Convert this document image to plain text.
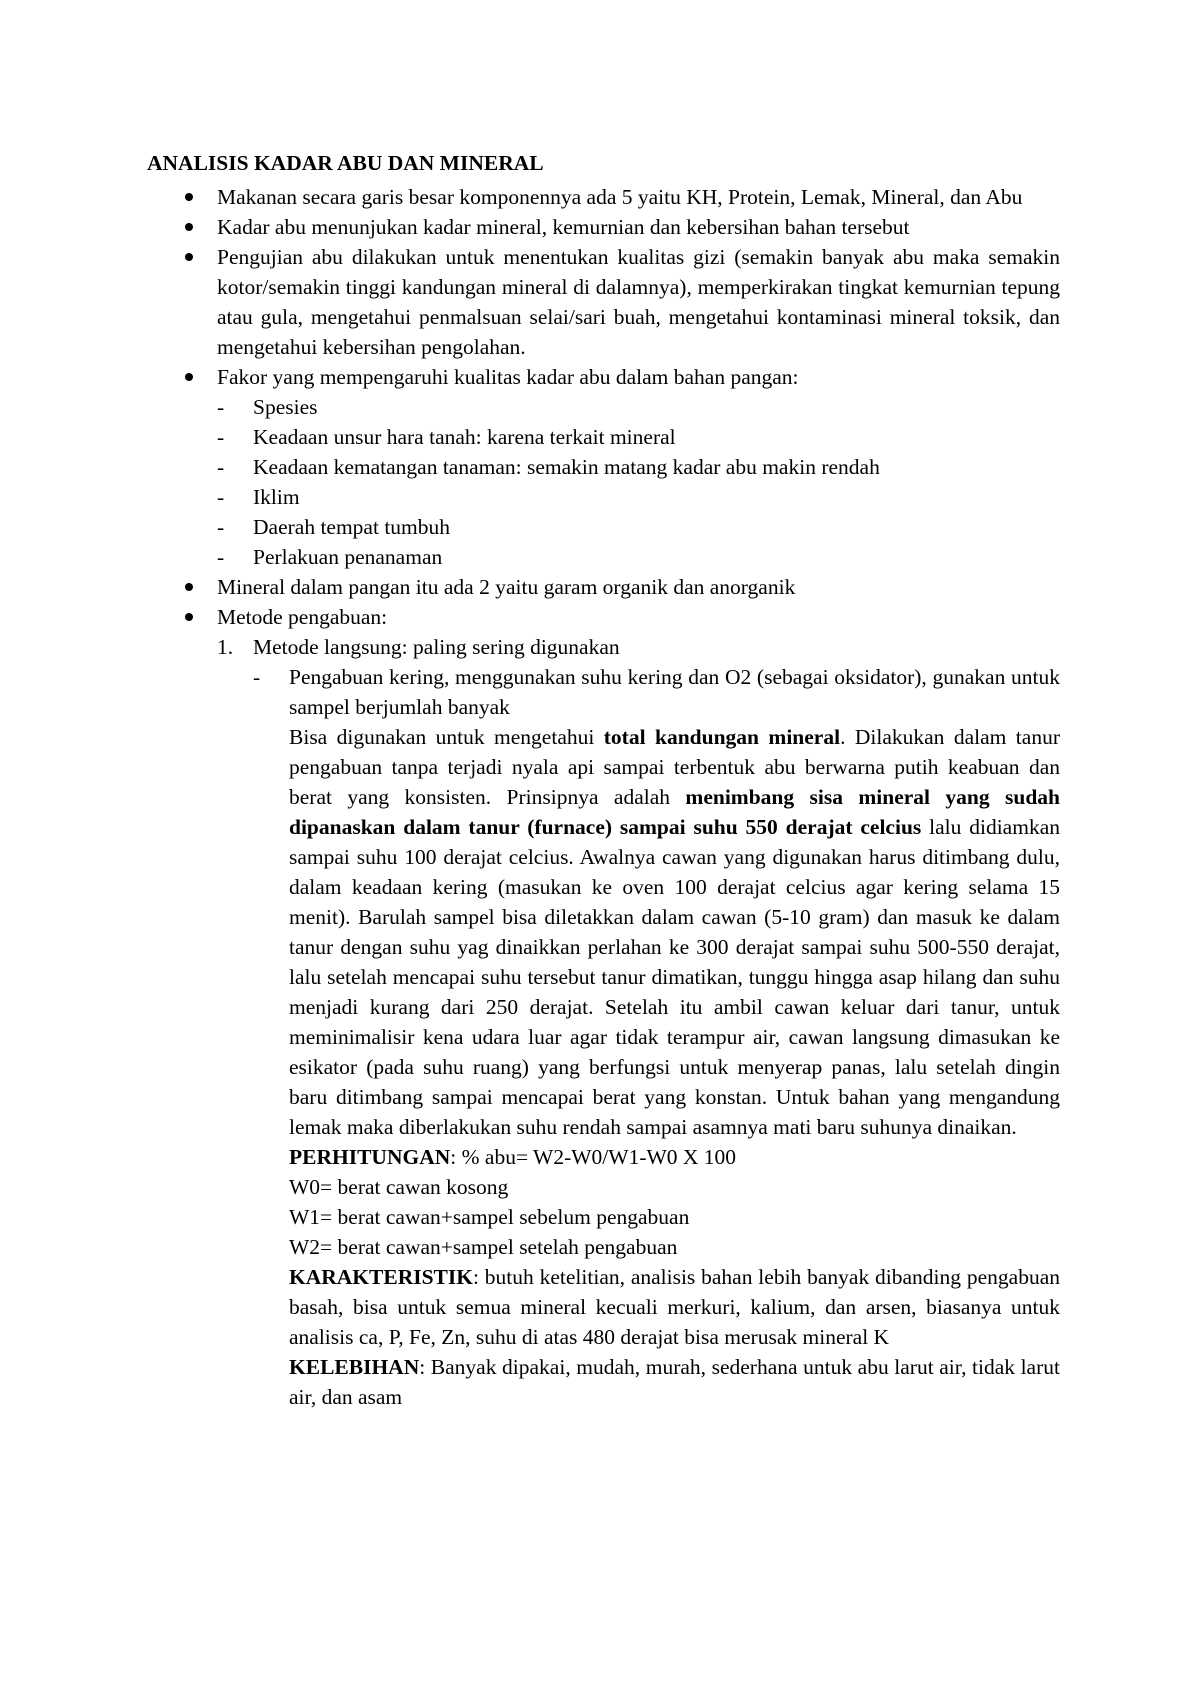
ANALISIS KADAR ABU DAN MINERAL
Makanan secara garis besar komponennya ada 5 yaitu KH, Protein, Lemak, Mineral, dan Abu
Kadar abu menunjukan kadar mineral, kemurnian dan kebersihan bahan tersebut
Pengujian abu dilakukan untuk menentukan kualitas gizi (semakin banyak abu maka semakin kotor/semakin tinggi kandungan mineral di dalamnya), memperkirakan tingkat kemurnian tepung atau gula, mengetahui penmalsuan selai/sari buah, mengetahui kontaminasi mineral toksik, dan mengetahui kebersihan pengolahan.
Fakor yang mempengaruhi kualitas kadar abu dalam bahan pangan:
- Spesies
- Keadaan unsur hara tanah: karena terkait mineral
- Keadaan kematangan tanaman: semakin matang kadar abu makin rendah
- Iklim
- Daerah tempat tumbuh
- Perlakuan penanaman
Mineral dalam pangan itu ada 2 yaitu garam organik dan anorganik
Metode pengabuan:
1. Metode langsung: paling sering digunakan
- Pengabuan kering, menggunakan suhu kering dan O2 (sebagai oksidator), gunakan untuk sampel berjumlah banyak
Bisa digunakan untuk mengetahui total kandungan mineral. Dilakukan dalam tanur pengabuan tanpa terjadi nyala api sampai terbentuk abu berwarna putih keabuan dan berat yang konsisten. Prinsipnya adalah menimbang sisa mineral yang sudah dipanaskan dalam tanur (furnace) sampai suhu 550 derajat celcius lalu didiamkan sampai suhu 100 derajat celcius. Awalnya cawan yang digunakan harus ditimbang dulu, dalam keadaan kering (masukan ke oven 100 derajat celcius agar kering selama 15 menit). Barulah sampel bisa diletakkan dalam cawan (5-10 gram) dan masuk ke dalam tanur dengan suhu yag dinaikkan perlahan ke 300 derajat sampai suhu 500-550 derajat, lalu setelah mencapai suhu tersebut tanur dimatikan, tunggu hingga asap hilang dan suhu menjadi kurang dari 250 derajat. Setelah itu ambil cawan keluar dari tanur, untuk meminimalisir kena udara luar agar tidak terampur air, cawan langsung dimasukan ke esikator (pada suhu ruang) yang berfungsi untuk menyerap panas, lalu setelah dingin baru ditimbang sampai mencapai berat yang konstan. Untuk bahan yang mengandung lemak maka diberlakukan suhu rendah sampai asamnya mati baru suhunya dinaikan.
PERHITUNGAN: % abu= W2-W0/W1-W0 X 100
W0= berat cawan kosong
W1= berat cawan+sampel sebelum pengabuan
W2= berat cawan+sampel setelah pengabuan
KARAKTERISTIK: butuh ketelitian, analisis bahan lebih banyak dibanding pengabuan basah, bisa untuk semua mineral kecuali merkuri, kalium, dan arsen, biasanya untuk analisis ca, P, Fe, Zn, suhu di atas 480 derajat bisa merusak mineral K
KELEBIHAN: Banyak dipakai, mudah, murah, sederhana untuk abu larut air, tidak larut air, dan asam
